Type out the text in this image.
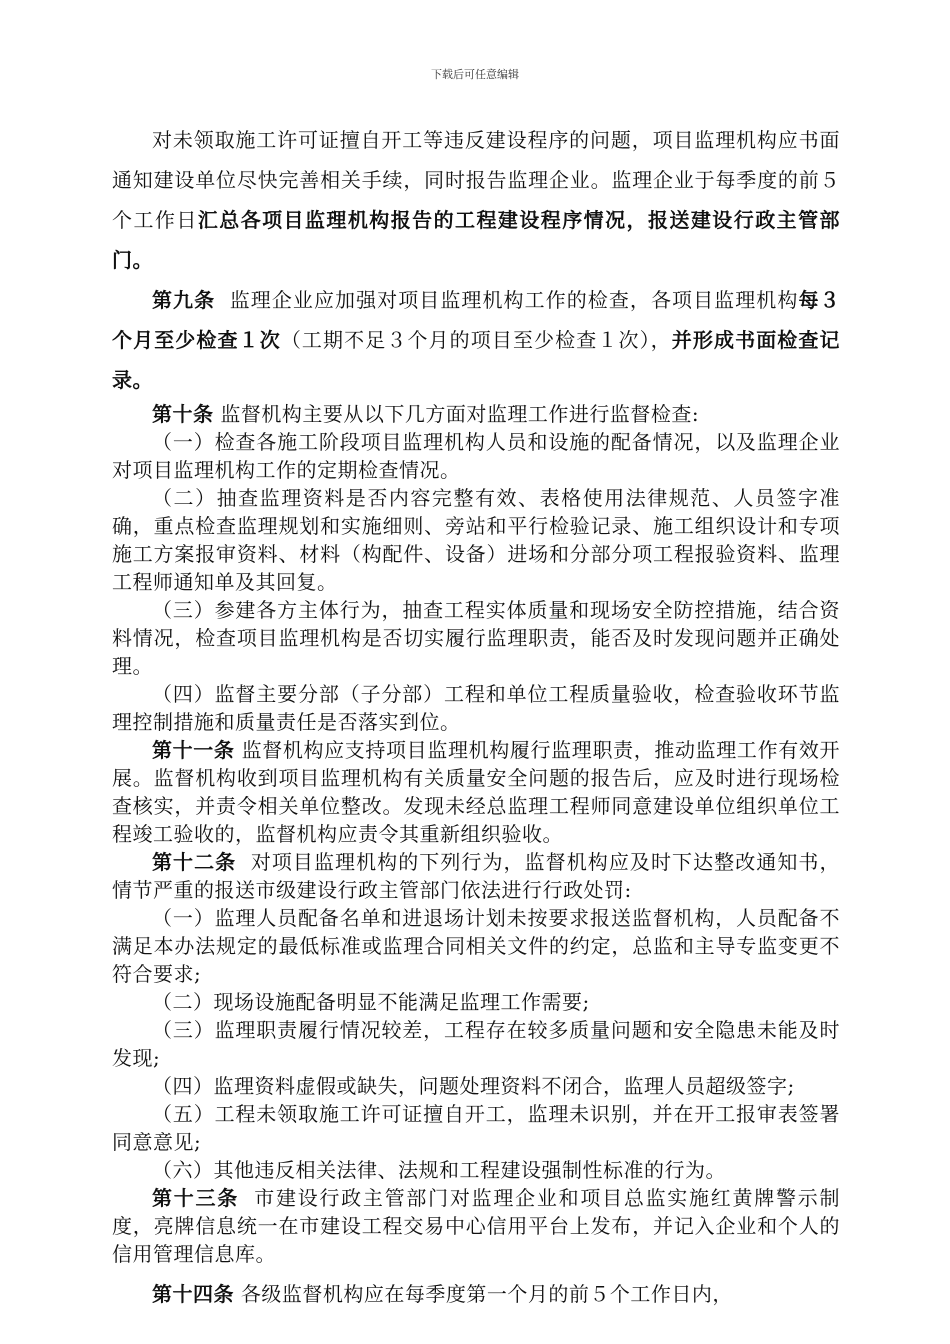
下载后可任意编辑

对未领取施工许可证擅自开工等违反建设程序的问题，项目监理机构应书面通知建设单位尽快完善相关手续，同时报告监理企业。监理企业于每季度的前５个工作日汇总各项目监理机构报告的工程建设程序情况，报送建设行政主管部门。

第九条 监理企业应加强对项目监理机构工作的检查，各项目监理机构每３个月至少检查１次（工期不足３个月的项目至少检查１次），并形成书面检查记录。

第十条 监督机构主要从以下几方面对监理工作进行监督检查:

（一）检查各施工阶段项目监理机构人员和设施的配备情况，以及监理企业对项目监理机构工作的定期检查情况。

（二）抽查监理资料是否内容完整有效、表格使用法律规范、人员签字准确，重点检查监理规划和实施细则、旁站和平行检验记录、施工组织设计和专项施工方案报审资料、材料（构配件、设备）进场和分部分项工程报验资料、监理工程师通知单及其回复。

（三）参建各方主体行为，抽查工程实体质量和现场安全防控措施，结合资料情况，检查项目监理机构是否切实履行监理职责，能否及时发现问题并正确处理。

（四）监督主要分部（子分部）工程和单位工程质量验收，检查验收环节监理控制措施和质量责任是否落实到位。

第十一条 监督机构应支持项目监理机构履行监理职责，推动监理工作有效开展。监督机构收到项目监理机构有关质量安全问题的报告后，应及时进行现场检查核实，并责令相关单位整改。发现未经总监理工程师同意建设单位组织单位工程竣工验收的，监督机构应责令其重新组织验收。

第十二条 对项目监理机构的下列行为，监督机构应及时下达整改通知书，情节严重的报送市级建设行政主管部门依法进行行政处罚:

（一）监理人员配备名单和进退场计划未按要求报送监督机构，人员配备不满足本办法规定的最低标准或监理合同相关文件的约定，总监和主导专监变更不符合要求;

（二）现场设施配备明显不能满足监理工作需要;

（三）监理职责履行情况较差，工程存在较多质量问题和安全隐患未能及时发现;

（四）监理资料虚假或缺失，问题处理资料不闭合，监理人员超级签字;

（五）工程未领取施工许可证擅自开工，监理未识别，并在开工报审表签署同意意见;

（六）其他违反相关法律、法规和工程建设强制性标准的行为。

第十三条 市建设行政主管部门对监理企业和项目总监实施红黄牌警示制度，亮牌信息统一在市建设工程交易中心信用平台上发布，并记入企业和个人的信用管理信息库。

第十四条 各级监督机构应在每季度第一个月的前５个工作日内，
